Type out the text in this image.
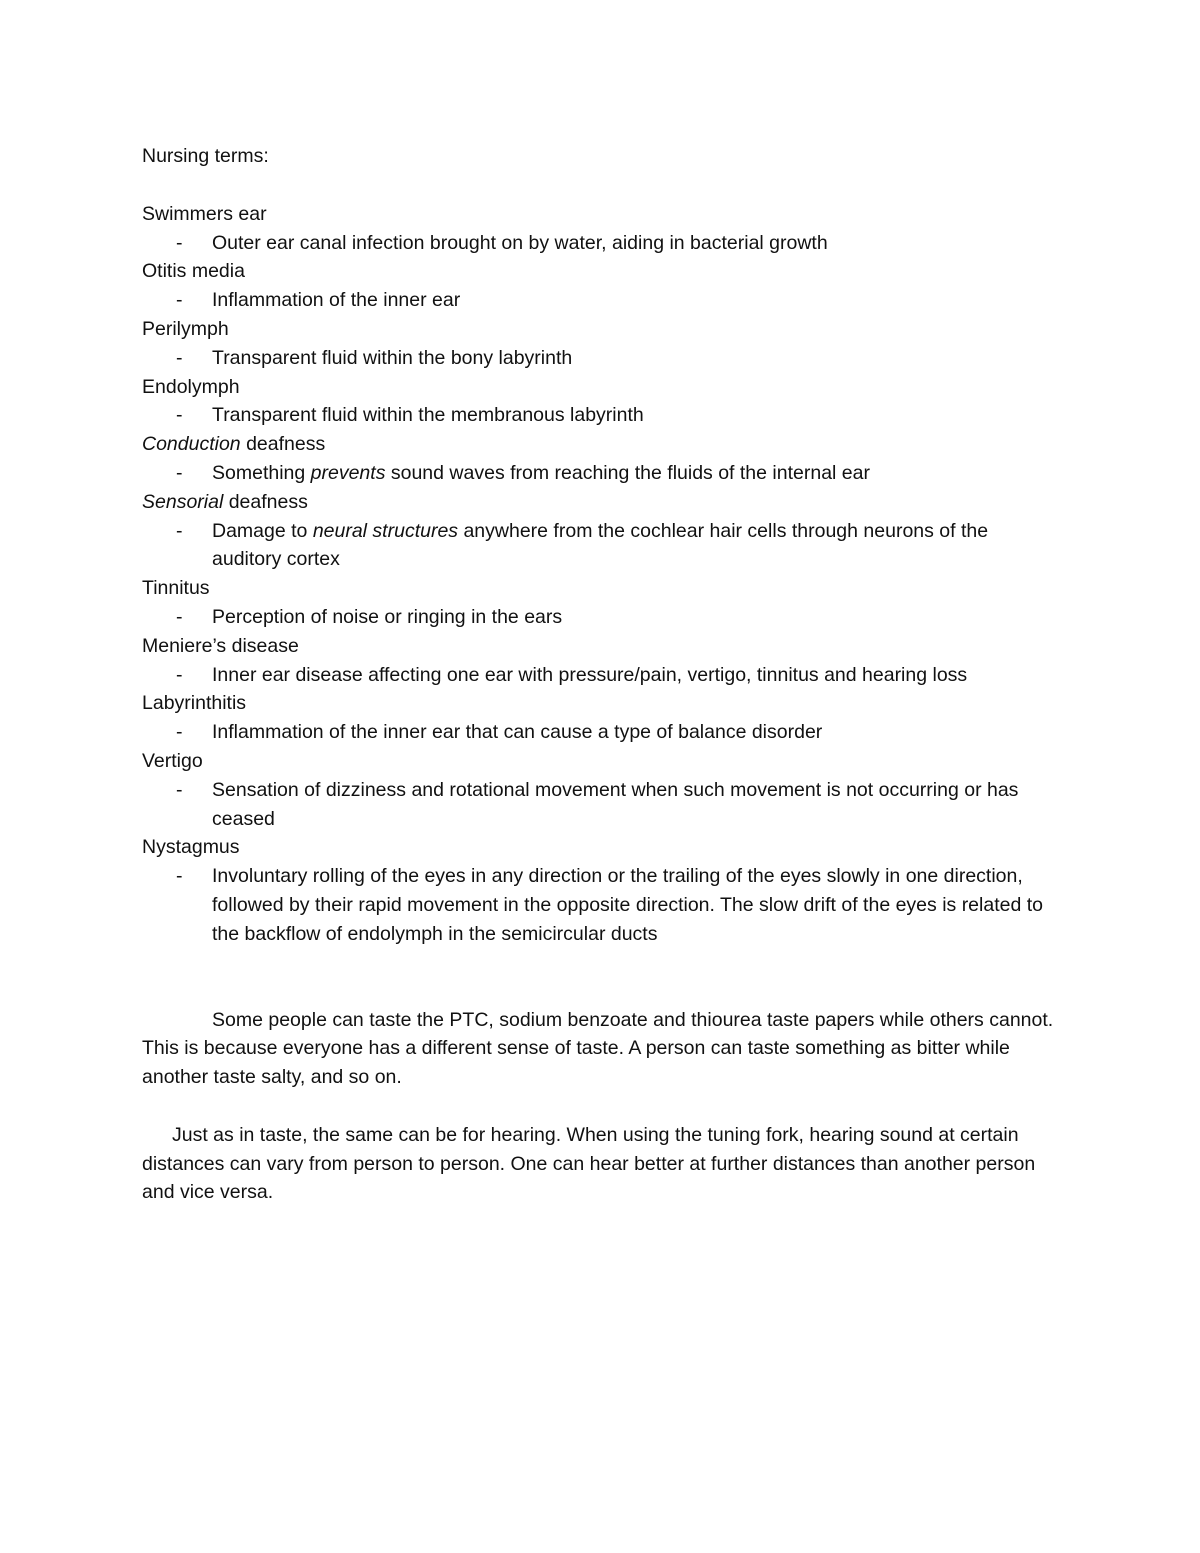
Nursing terms:

Swimmers ear

- Outer ear canal infection brought on by water, aiding in bacterial growth

Otitis media

- Inflammation of the inner ear

Perilymph

- Transparent fluid within the bony labyrinth

Endolymph

- Transparent fluid within the membranous labyrinth

Conduction deafness

- Something prevents sound waves from reaching the fluids of the internal ear

Sensorial deafness

- Damage to neural structures anywhere from the cochlear hair cells through neurons of the auditory cortex

Tinnitus

- Perception of noise or ringing in the ears

Meniere’s disease

- Inner ear disease affecting one ear with pressure/pain, vertigo, tinnitus and hearing loss

Labyrinthitis

- Inflammation of the inner ear that can cause a type of balance disorder

Vertigo

- Sensation of dizziness and rotational movement when such movement is not occurring or has ceased

Nystagmus

- Involuntary rolling of the eyes in any direction or the trailing of the eyes slowly in one direction, followed by their rapid movement in the opposite direction. The slow drift of the eyes is related to the backflow of endolymph in the semicircular ducts

Some people can taste the PTC, sodium benzoate and thiourea taste papers while others cannot. This is because everyone has a different sense of taste. A person can taste something as bitter while another taste salty, and so on.

Just as in taste, the same can be for hearing. When using the tuning fork, hearing sound at certain distances can vary from person to person. One can hear better at further distances than another person and vice versa.
